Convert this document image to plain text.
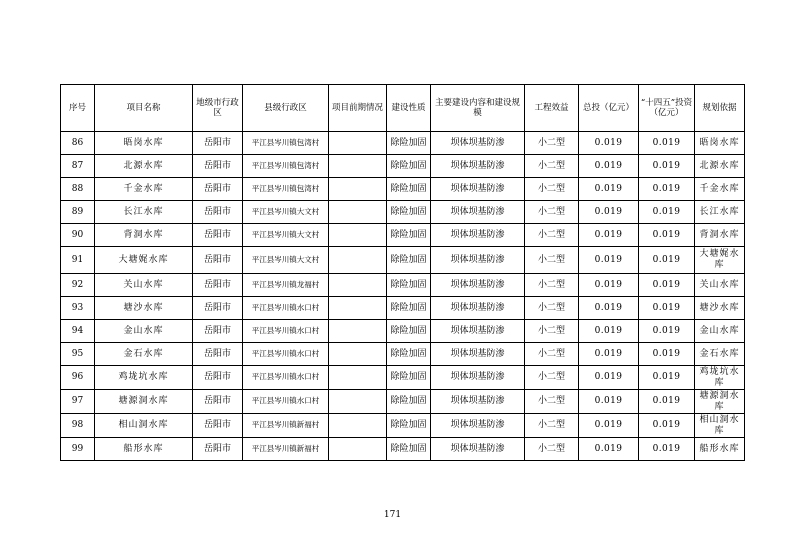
序号	项目名称	地级市行政区	县级行政区	项目前期情况	建设性质	主要建设内容和建设规模	工程效益	总投（亿元）	“十四五”投资（亿元）	规划依据
86	晤岗水库	岳阳市	平江县岑川镇包湾村		除险加固	坝体坝基防渗	小二型	0.019	0.019	晤岗水库
87	北源水库	岳阳市	平江县岑川镇包湾村		除险加固	坝体坝基防渗	小二型	0.019	0.019	北源水库
88	千金水库	岳阳市	平江县岑川镇包湾村		除险加固	坝体坝基防渗	小二型	0.019	0.019	千金水库
89	长江水库	岳阳市	平江县岑川镇大文村		除险加固	坝体坝基防渗	小二型	0.019	0.019	长江水库
90	背洞水库	岳阳市	平江县岑川镇大文村		除险加固	坝体坝基防渗	小二型	0.019	0.019	背洞水库
91	大塘娓水库	岳阳市	平江县岑川镇大文村		除险加固	坝体坝基防渗	小二型	0.019	0.019	大塘娓水库
92	关山水库	岳阳市	平江县岑川镇龙福村		除险加固	坝体坝基防渗	小二型	0.019	0.019	关山水库
93	塘沙水库	岳阳市	平江县岑川镇水口村		除险加固	坝体坝基防渗	小二型	0.019	0.019	塘沙水库
94	金山水库	岳阳市	平江县岑川镇水口村		除险加固	坝体坝基防渗	小二型	0.019	0.019	金山水库
95	金石水库	岳阳市	平江县岑川镇水口村		除险加固	坝体坝基防渗	小二型	0.019	0.019	金石水库
96	鸡垅坑水库	岳阳市	平江县岑川镇水口村		除险加固	坝体坝基防渗	小二型	0.019	0.019	鸡垅坑水库
97	塘源洞水库	岳阳市	平江县岑川镇水口村		除险加固	坝体坝基防渗	小二型	0.019	0.019	塘源洞水库
98	相山洞水库	岳阳市	平江县岑川镇新福村		除险加固	坝体坝基防渗	小二型	0.019	0.019	相山洞水库
99	船形水库	岳阳市	平江县岑川镇新福村		除险加固	坝体坝基防渗	小二型	0.019	0.019	船形水库
171
